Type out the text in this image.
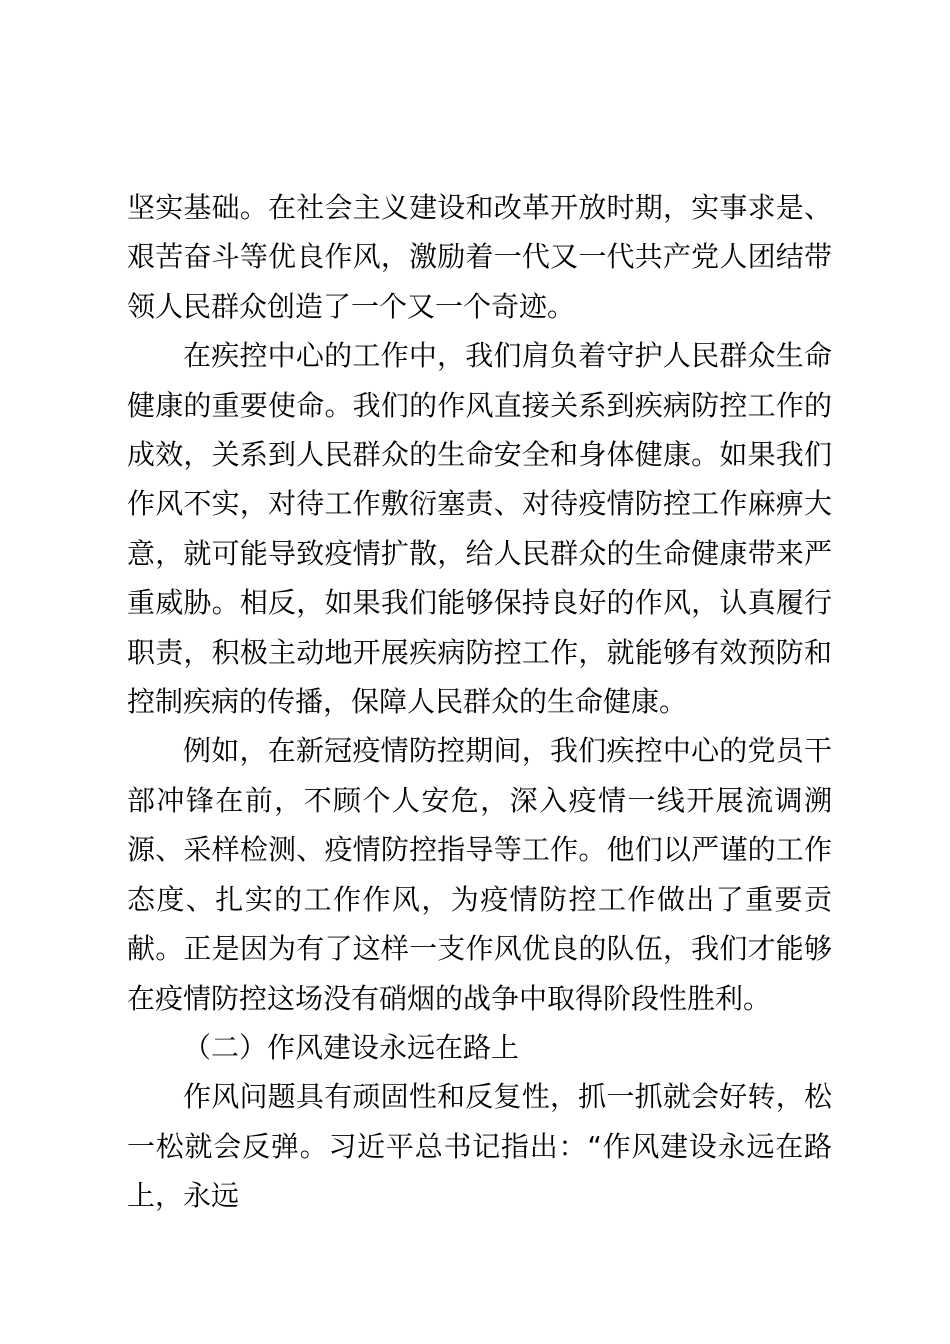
坚实基础。在社会主义建设和改革开放时期，实事求是、艰苦奋斗等优良作风，激励着一代又一代共产党人团结带领人民群众创造了一个又一个奇迹。

在疾控中心的工作中，我们肩负着守护人民群众生命健康的重要使命。我们的作风直接关系到疾病防控工作的成效，关系到人民群众的生命安全和身体健康。如果我们作风不实，对待工作敷衍塞责、对待疫情防控工作麻痹大意，就可能导致疫情扩散，给人民群众的生命健康带来严重威胁。相反，如果我们能够保持良好的作风，认真履行职责，积极主动地开展疾病防控工作，就能够有效预防和控制疾病的传播，保障人民群众的生命健康。

例如，在新冠疫情防控期间，我们疾控中心的党员干部冲锋在前，不顾个人安危，深入疫情一线开展流调溯源、采样检测、疫情防控指导等工作。他们以严谨的工作态度、扎实的工作作风，为疫情防控工作做出了重要贡献。正是因为有了这样一支作风优良的队伍，我们才能够在疫情防控这场没有硝烟的战争中取得阶段性胜利。

（二）作风建设永远在路上

作风问题具有顽固性和反复性，抓一抓就会好转，松一松就会反弹。习近平总书记指出：“作风建设永远在路上，永远
